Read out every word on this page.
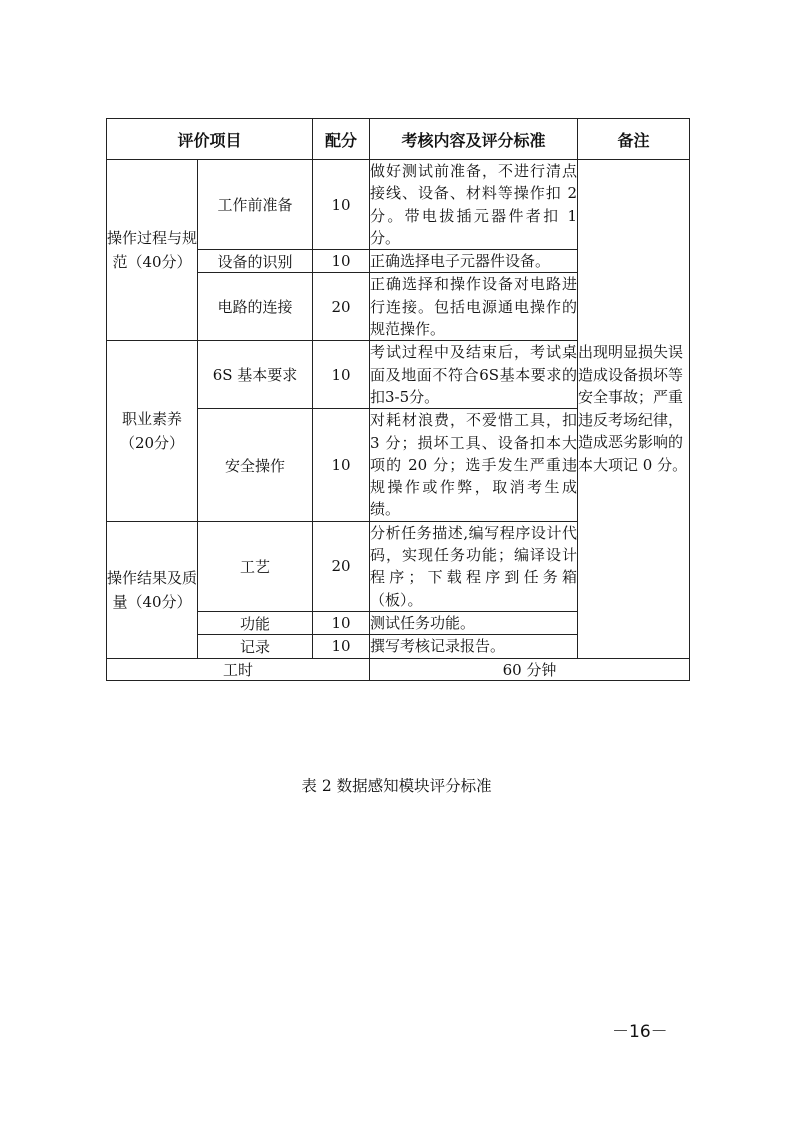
评价项目		配分	考核内容及评分标准	备注
操作过程与规范（40分）	工作前准备	10	做好测试前准备，不进行清点接线、设备、材料等操作扣 2 分。带电拔插元器件者扣 1 分。	出现明显损失误造成设备损坏等安全事故；严重违反考场纪律，造成恶劣影响的本大项记 0 分。
	设备的识别	10	正确选择电子元器件设备。	
	电路的连接	20	正确选择和操作设备对电路进行连接。包括电源通电操作的规范操作。	
职业素养（20分）	6S 基本要求	10	考试过程中及结束后，考试桌面及地面不符合6S基本要求的扣3-5分。	
	安全操作	10	对耗材浪费，不爱惜工具，扣 3 分；损坏工具、设备扣本大项的 20 分；选手发生严重违规操作或作弊，取消考生成绩。	
操作结果及质量（40分）	工艺	20	分析任务描述,编写程序设计代码，实现任务功能；编译设计程序；下载程序到任务箱（板）。	
	功能	10	测试任务功能。	
	记录	10	撰写考核记录报告。	
工时			60 分钟	
表 2 数据感知模块评分标准
－16－
